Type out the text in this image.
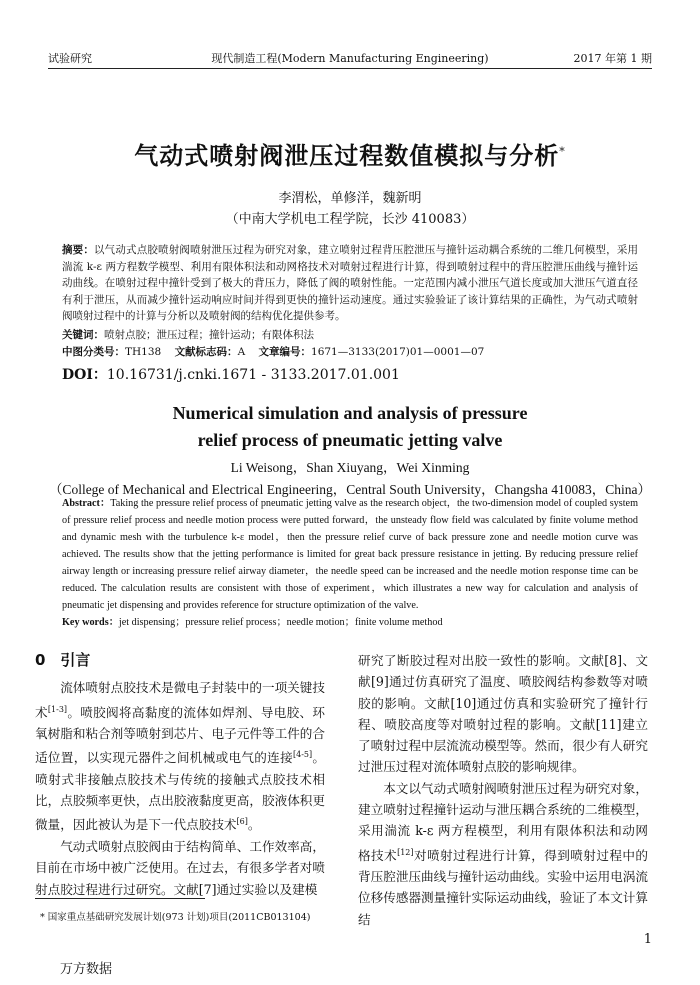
试验研究	现代制造工程(Modern Manufacturing Engineering)	2017 年第 1 期
气动式喷射阀泄压过程数值模拟与分析*
李渭松，单修洋，魏新明
（中南大学机电工程学院，长沙 410083）
摘要：以气动式点胶喷射阀喷射泄压过程为研究对象，建立喷射过程背压腔泄压与撞针运动耦合系统的二维几何模型，采用湍流 k-ε 两方程数学模型、利用有限体积法和动网格技术对喷射过程进行计算，得到喷射过程中的背压腔泄压曲线与撞针运动曲线。在喷射过程中撞针受到了极大的背压力，降低了阀的喷射性能。一定范围内减小泄压气道长度或加大泄压气道直径有利于泄压，从而减少撞针运动响应时间并得到更快的撞针运动速度。通过实验验证了该计算结果的正确性，为气动式喷射阀喷射过程中的计算与分析以及喷射阀的结构优化提供参考。
关键词：喷射点胶；泄压过程；撞针运动；有限体积法
中图分类号：TH138 文献标志码：A 文章编号：1671—3133(2017)01—0001—07
DOI：10.16731/j.cnki.1671 - 3133.2017.01.001
Numerical simulation and analysis of pressure
relief process of pneumatic jetting valve
Li Weisong，Shan Xiuyang，Wei Xinming
（College of Mechanical and Electrical Engineering，Central South University，Changsha 410083，China）
Abstract：Taking the pressure relief process of pneumatic jetting valve as the research object，the two-dimension model of coupled system of pressure relief process and needle motion process were putted forward，the unsteady flow field was calculated by finite volume method and dynamic mesh with the turbulence k-ε model，then the pressure relief curve of back pressure zone and needle motion curve was achieved. The results show that the jetting performance is limited for great back pressure resistance in jetting. By reducing pressure relief airway length or increasing pressure relief airway diameter，the needle speed can be increased and the needle motion response time can be reduced. The calculation results are consistent with those of experiment，which illustrates a new way for calculation and analysis of pneumatic jet dispensing and provides reference for structure optimization of the valve.
Key words：jet dispensing；pressure relief process；needle motion；finite volume method
0　引言

流体喷射点胶技术是微电子封装中的一项关键技术[1-3]。喷胶阀将高黏度的流体如焊剂、导电胶、环氧树脂和粘合剂等喷射到芯片、电子元件等工件的合适位置，以实现元器件之间机械或电气的连接[4-5]。喷射式非接触点胶技术与传统的接触式点胶技术相比，点胶频率更快，点出胶液黏度更高，胶液体积更微量，因此被认为是下一代点胶技术[6]。

气动式喷射点胶阀由于结构简单、工作效率高，目前在市场中被广泛使用。在过去，有很多学者对喷射点胶过程进行过研究。文献[7]通过实验以及建模

研究了断胶过程对出胶一致性的影响。文献[8]、文献[9]通过仿真研究了温度、喷胶阀结构参数等对喷胶的影响。文献[10]通过仿真和实验研究了撞针行程、喷胶高度等对喷射过程的影响。文献[11]建立了喷射过程中层流流动模型等。然而，很少有人研究过泄压过程对流体喷射点胶的影响规律。

本文以气动式喷射阀喷射泄压过程为研究对象，建立喷射过程撞针运动与泄压耦合系统的二维模型，采用湍流 k-ε 两方程模型，利用有限体积法和动网格技术[12]对喷射过程进行计算，得到喷射过程中的背压腔泄压曲线与撞针运动曲线。实验中运用电涡流位移传感器测量撞针实际运动曲线，验证了本文计算结

* 国家重点基础研究发展计划(973 计划)项目(2011CB013104)
1
万方数据
